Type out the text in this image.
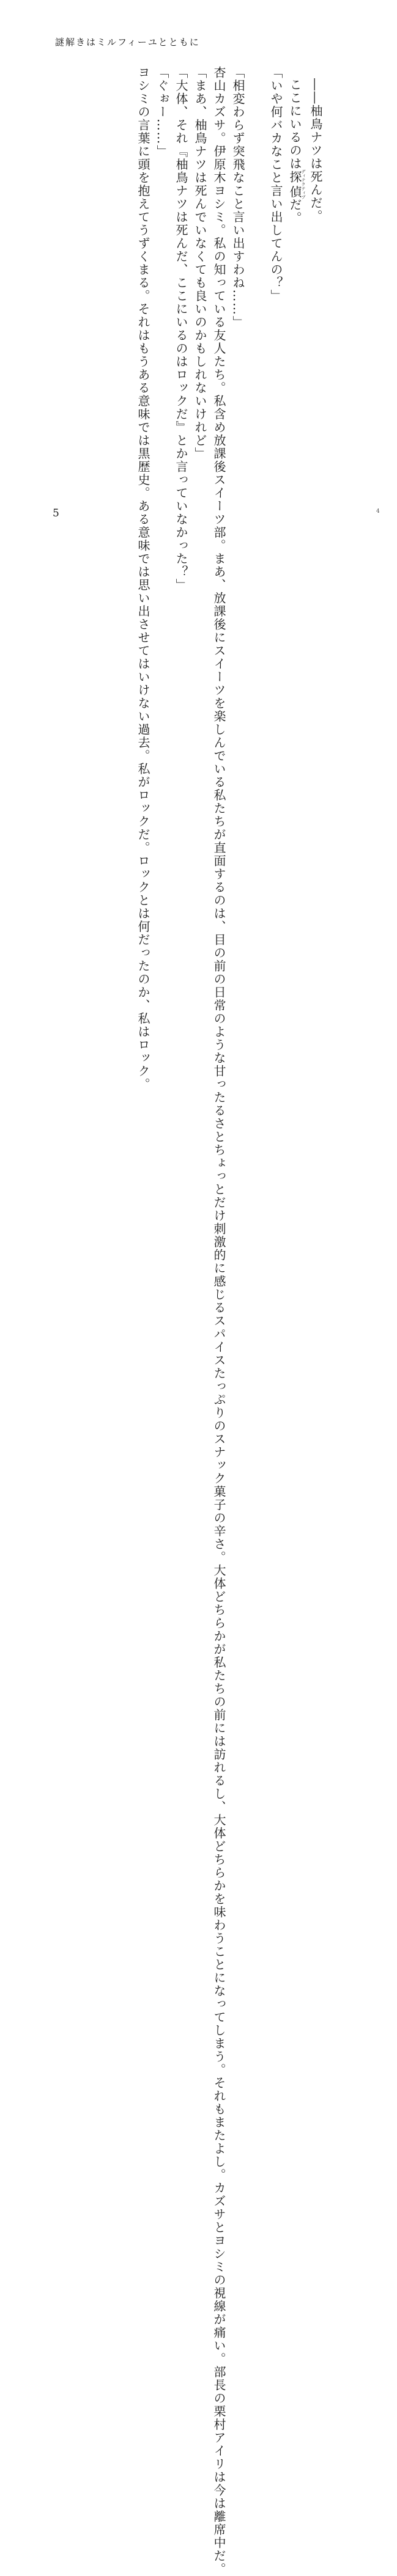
謎解きはミルフィーユとともに

――柚鳥ナツは死んだ。

ここにいるのは探偵ディテクティブだ。

「いや何バカなこと言い出してんの？」

「相変わらず突飛なこと言い出すわね……」

杏山カズサ。伊原木ヨシミ。私の知っている友人たち。私含め放課後スイーツ部。まあ、放課後にスイーツを楽しんでいる私たちが直面するのは、目の前の日常のような甘ったるさとちょっとだけ刺激的に感じるスパイスたっぷりのスナック菓子の辛さ。大体どちらかが私たちの前には訪れるし、大体どちらかを味わうことになってしまう。それもまたよし。カズサとヨシミの視線が痛い。部長の栗村アイリは今は離席中だ。

「まあ、柚鳥ナツは死んでいなくても良いのかもしれないけれど」

「大体、それ『柚鳥ナツは死んだ、ここにいるのはロックだ』とか言っていなかった？」

「ぐぉー……」

ヨシミの言葉に頭を抱えてうずくまる。それはもうある意味では黒歴史。ある意味では思い出させてはいけない過去。私がロックだ。ロックとは何だったのか、私はロック。

5	4
